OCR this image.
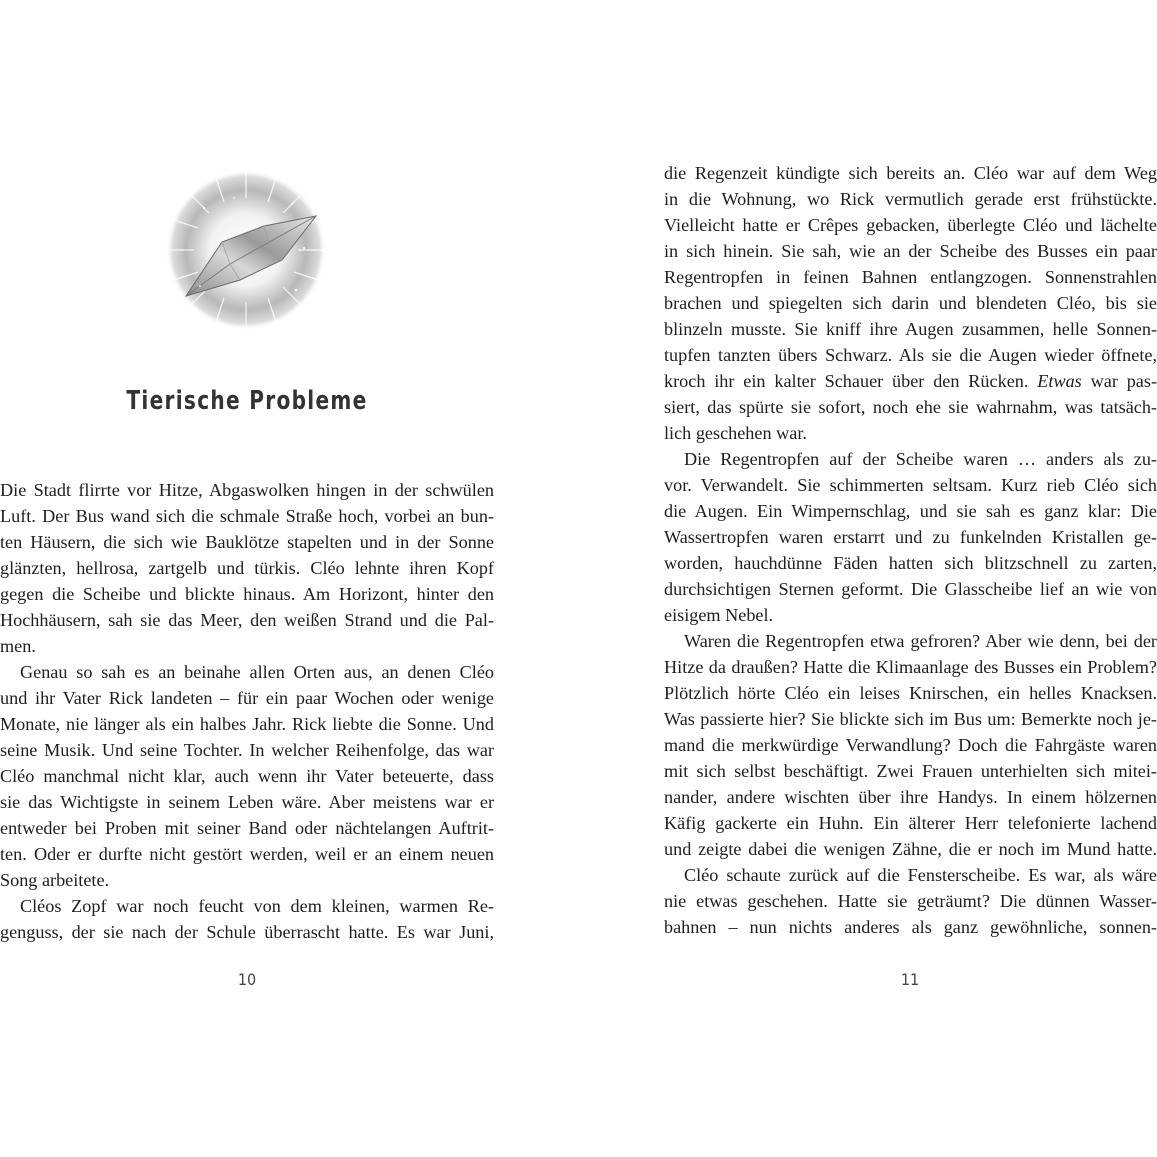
Tierische Probleme
Die Stadt flirrte vor Hitze, Abgaswolken hingen in der schwülen
Luft. Der Bus wand sich die schmale Straße hoch, vorbei an bun-
ten Häusern, die sich wie Bauklötze stapelten und in der Sonne
glänzten, hellrosa, zartgelb und türkis. Cléo lehnte ihren Kopf
gegen die Scheibe und blickte hinaus. Am Horizont, hinter den
Hochhäusern, sah sie das Meer, den weißen Strand und die Pal-
men.
Genau so sah es an beinahe allen Orten aus, an denen Cléo
und ihr Vater Rick landeten – für ein paar Wochen oder wenige
Monate, nie länger als ein halbes Jahr. Rick liebte die Sonne. Und
seine Musik. Und seine Tochter. In welcher Reihenfolge, das war
Cléo manchmal nicht klar, auch wenn ihr Vater beteuerte, dass
sie das Wichtigste in seinem Leben wäre. Aber meistens war er
entweder bei Proben mit seiner Band oder nächtelangen Auftrit-
ten. Oder er durfte nicht gestört werden, weil er an einem neuen
Song arbeitete.
Cléos Zopf war noch feucht von dem kleinen, warmen Re-
genguss, der sie nach der Schule überrascht hatte. Es war Juni,
10
die Regenzeit kündigte sich bereits an. Cléo war auf dem Weg
in die Wohnung, wo Rick vermutlich gerade erst frühstückte.
Vielleicht hatte er Crêpes gebacken, überlegte Cléo und lächelte
in sich hinein. Sie sah, wie an der Scheibe des Busses ein paar
Regentropfen in feinen Bahnen entlangzogen. Sonnenstrahlen
brachen und spiegelten sich darin und blendeten Cléo, bis sie
blinzeln musste. Sie kniff ihre Augen zusammen, helle Sonnen-
tupfen tanzten übers Schwarz. Als sie die Augen wieder öffnete,
kroch ihr ein kalter Schauer über den Rücken. Etwas war pas-
siert, das spürte sie sofort, noch ehe sie wahrnahm, was tatsäch-
lich geschehen war.
Die Regentropfen auf der Scheibe waren … anders als zu-
vor. Verwandelt. Sie schimmerten seltsam. Kurz rieb Cléo sich
die Augen. Ein Wimpernschlag, und sie sah es ganz klar: Die
Wassertropfen waren erstarrt und zu funkelnden Kristallen ge-
worden, hauchdünne Fäden hatten sich blitzschnell zu zarten,
durchsichtigen Sternen geformt. Die Glasscheibe lief an wie von
eisigem Nebel.
Waren die Regentropfen etwa gefroren? Aber wie denn, bei der
Hitze da draußen? Hatte die Klimaanlage des Busses ein Problem?
Plötzlich hörte Cléo ein leises Knirschen, ein helles Knacksen.
Was passierte hier? Sie blickte sich im Bus um: Bemerkte noch je-
mand die merkwürdige Verwandlung? Doch die Fahrgäste waren
mit sich selbst beschäftigt. Zwei Frauen unterhielten sich mitei-
nander, andere wischten über ihre Handys. In einem hölzernen
Käfig gackerte ein Huhn. Ein älterer Herr telefonierte lachend
und zeigte dabei die wenigen Zähne, die er noch im Mund hatte.
Cléo schaute zurück auf die Fensterscheibe. Es war, als wäre
nie etwas geschehen. Hatte sie geträumt? Die dünnen Wasser-
bahnen – nun nichts anderes als ganz gewöhnliche, sonnen-
11
